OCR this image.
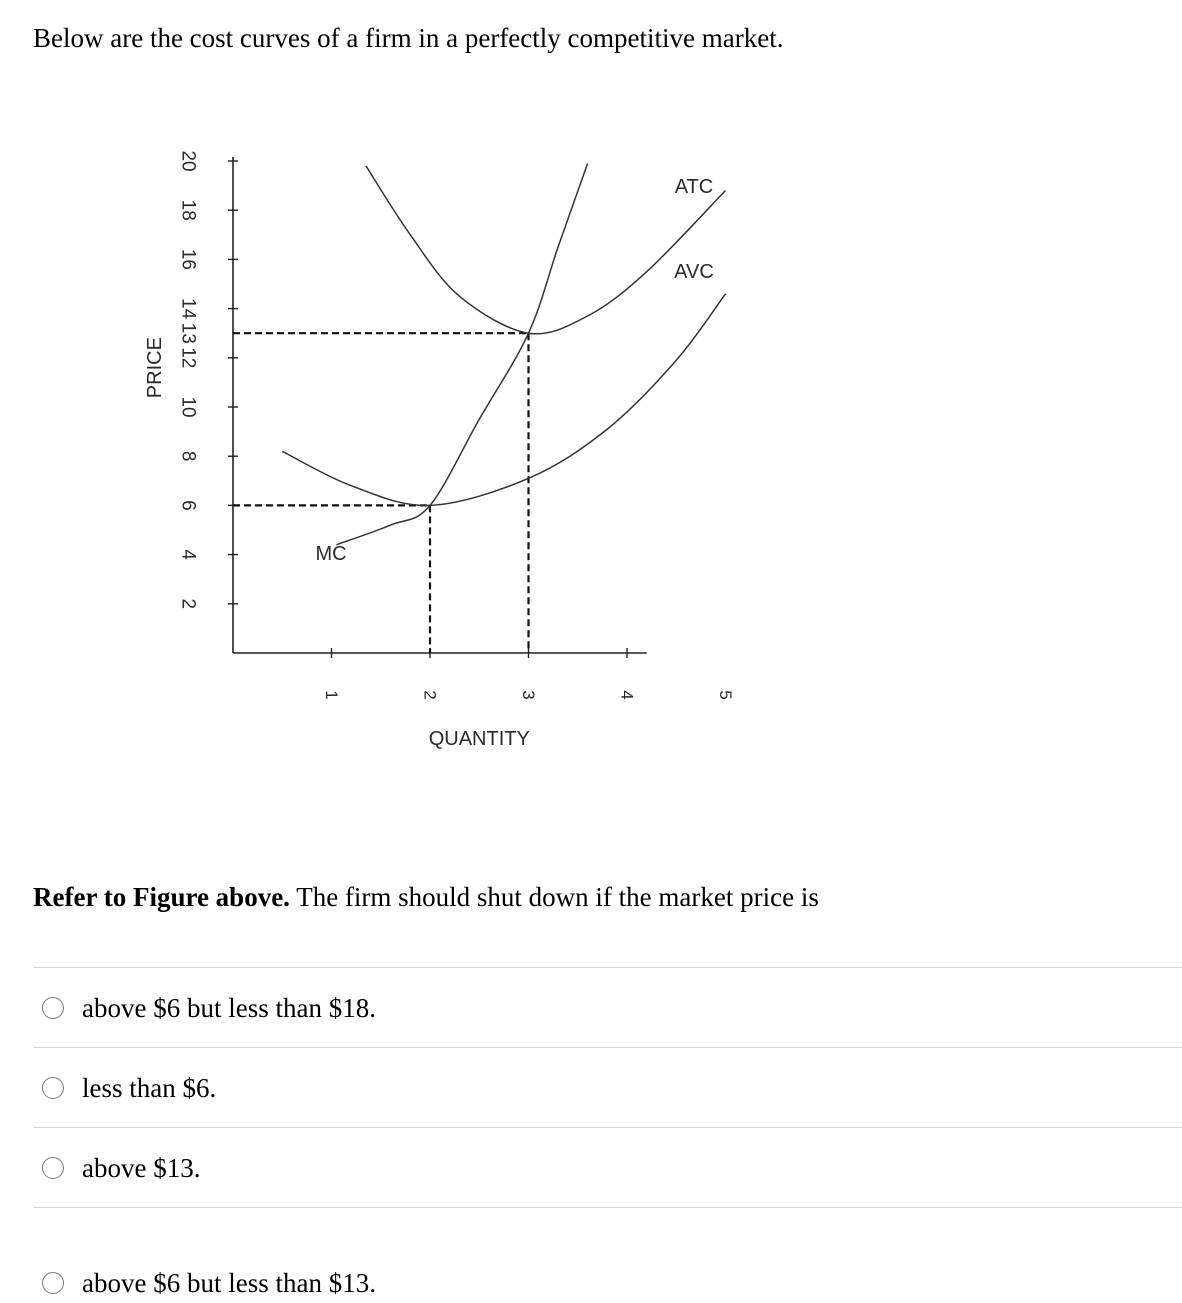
Below are the cost curves of a firm in a perfectly competitive market.

2
4
6
8
10
12
13
14
16
18
20
1	2	3	4	5
PRICE
QUANTITY
MC
ATC
AVC

Refer to Figure above. The firm should shut down if the market price is

above $6 but less than $18.
less than $6.
above $13.
above $6 but less than $13.
